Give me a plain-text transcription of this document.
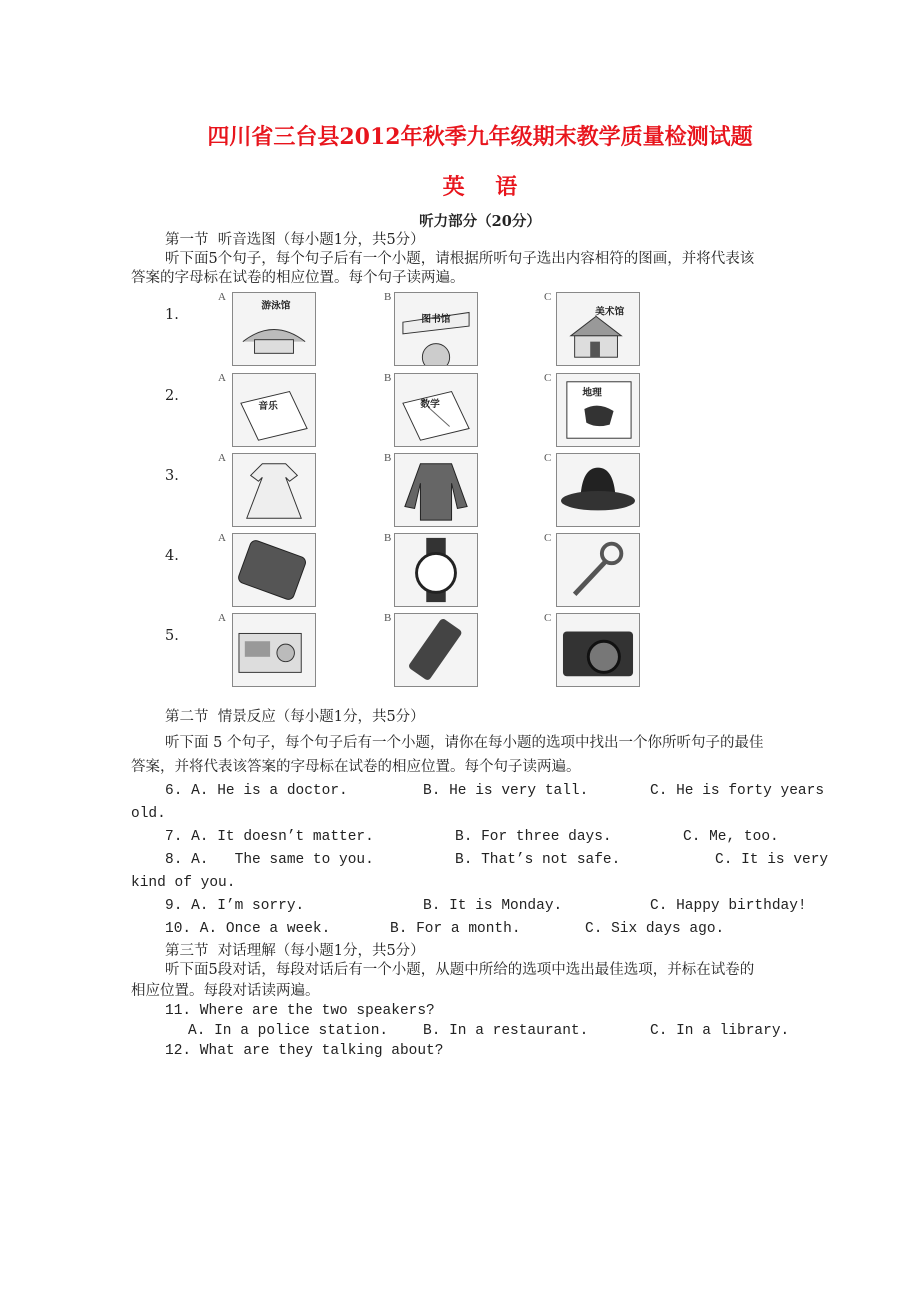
四川省三台县2012年秋季九年级期末教学质量检测试题
英    语
听力部分（20分）
第一节  听音选图（每小题1分，共5分）
听下面5个句子，每个句子后有一个小题，请根据所听句子选出内容相符的图画，并将代表该
答案的字母标在试卷的相应位置。每个句子读两遍。
1.
A
游泳馆
B
图书馆
C
美术馆
2.
A
音乐
B
数学
C
地理
3.
A	B	C
4.
A	B	C
5.
A	B	C
第二节  情景反应（每小题1分，共5分）
听下面 5 个句子，每个句子后有一个小题，请你在每小题的选项中找出一个你所听句子的最佳
答案，并将代表该答案的字母标在试卷的相应位置。每个句子读两遍。
6. A. He is a doctor.	B. He is very tall.	C. He is forty years
old.
7. A. It doesn’t matter.	B. For three days.	C. Me, too.
8. A.   The same to you.	B. That’s not safe.	C. It is very
kind of you.
9. A. I’m sorry.	B. It is Monday.	C. Happy birthday!
10. A. Once a week.	B. For a month.	C. Six days ago.
第三节  对话理解（每小题1分，共5分）
听下面5段对话，每段对话后有一个小题，从题中所给的选项中选出最佳选项，并标在试卷的
相应位置。每段对话读两遍。
11. Where are the two speakers?
A. In a police station. B. In a restaurant.	C. In a library.
12. What are they talking about?
